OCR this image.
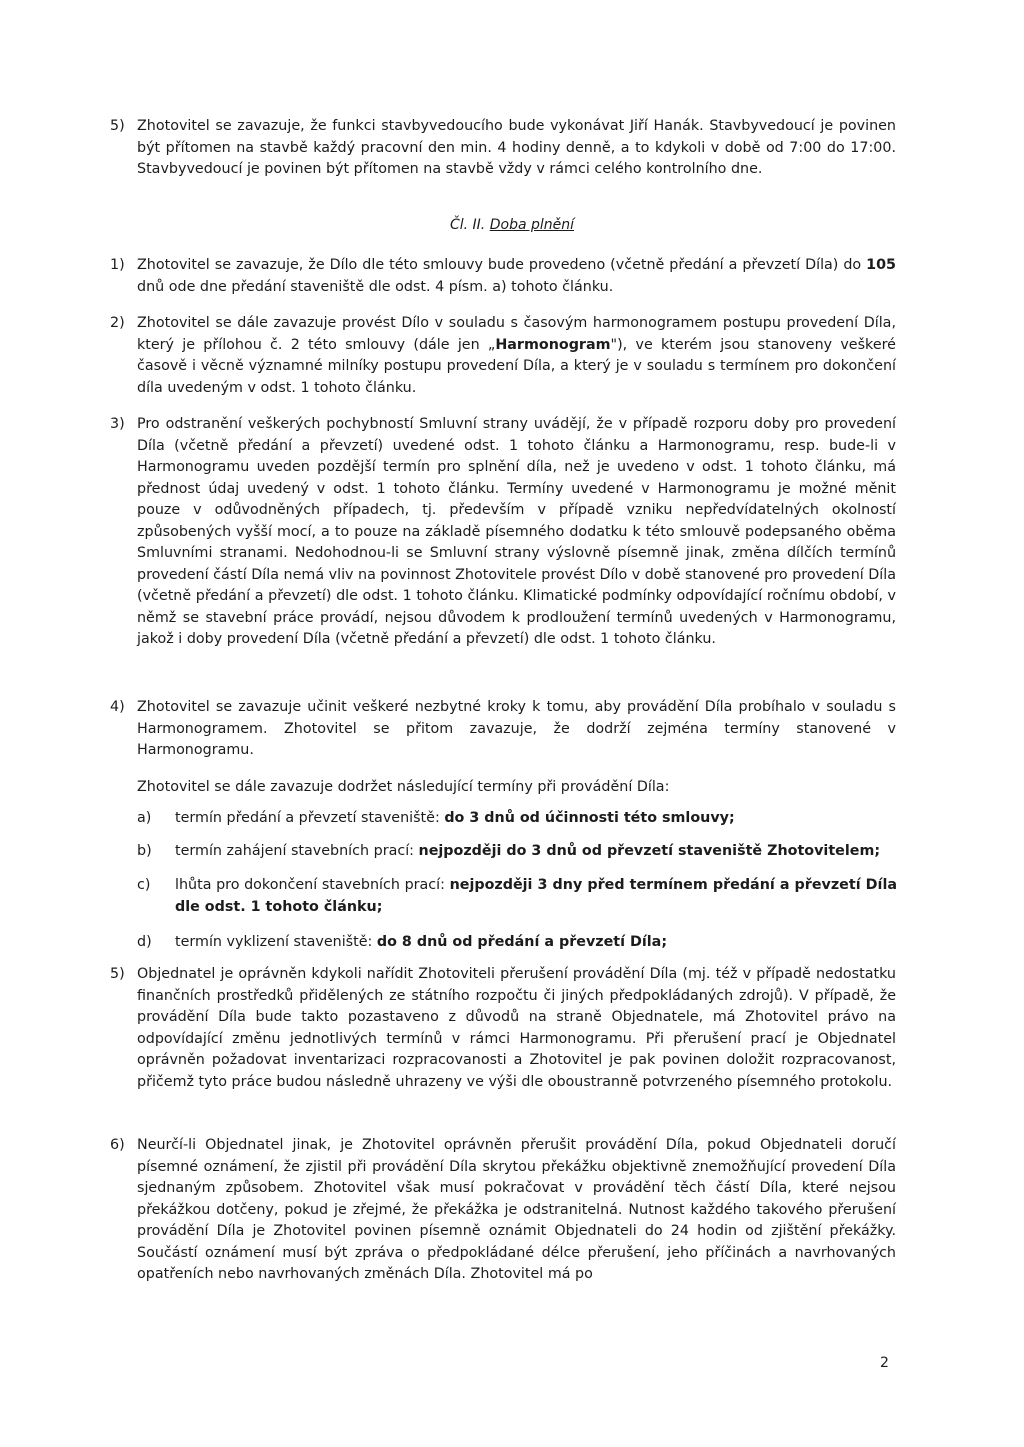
5) Zhotovitel se zavazuje, že funkci stavbyvedoucího bude vykonávat Jiří Hanák. Stavbyvedoucí je povinen být přítomen na stavbě každý pracovní den min. 4 hodiny denně, a to kdykoli v době od 7:00 do 17:00. Stavbyvedoucí je povinen být přítomen na stavbě vždy v rámci celého kontrolního dne.
Čl. II. Doba plnění
1) Zhotovitel se zavazuje, že Dílo dle této smlouvy bude provedeno (včetně předání a převzetí Díla) do 105 dnů ode dne předání staveniště dle odst. 4 písm. a) tohoto článku.
2) Zhotovitel se dále zavazuje provést Dílo v souladu s časovým harmonogramem postupu provedení Díla, který je přílohou č. 2 této smlouvy (dále jen „Harmonogram"), ve kterém jsou stanoveny veškeré časově i věcně významné milníky postupu provedení Díla, a který je v souladu s termínem pro dokončení díla uvedeným v odst. 1 tohoto článku.
3) Pro odstranění veškerých pochybností Smluvní strany uvádějí, že v případě rozporu doby pro provedení Díla (včetně předání a převzetí) uvedené odst. 1 tohoto článku a Harmonogramu, resp. bude-li v Harmonogramu uveden pozdější termín pro splnění díla, než je uvedeno v odst. 1 tohoto článku, má přednost údaj uvedený v odst. 1 tohoto článku. Termíny uvedené v Harmonogramu je možné měnit pouze v odůvodněných případech, tj. především v případě vzniku nepředvídatelných okolností způsobených vyšší mocí, a to pouze na základě písemného dodatku k této smlouvě podepsaného oběma Smluvními stranami. Nedohodnou-li se Smluvní strany výslovně písemně jinak, změna dílčích termínů provedení částí Díla nemá vliv na povinnost Zhotovitele provést Dílo v době stanovené pro provedení Díla (včetně předání a převzetí) dle odst. 1 tohoto článku. Klimatické podmínky odpovídající ročnímu období, v němž se stavební práce provádí, nejsou důvodem k prodloužení termínů uvedených v Harmonogramu, jakož i doby provedení Díla (včetně předání a převzetí) dle odst. 1 tohoto článku.
4) Zhotovitel se zavazuje učinit veškeré nezbytné kroky k tomu, aby provádění Díla probíhalo v souladu s Harmonogramem. Zhotovitel se přitom zavazuje, že dodrží zejména termíny stanovené v Harmonogramu.
Zhotovitel se dále zavazuje dodržet následující termíny při provádění Díla:
a)	termín předání a převzetí staveniště: do 3 dnů od účinnosti této smlouvy;
b)	termín zahájení stavebních prací: nejpozději do 3 dnů od převzetí staveniště Zhotovitelem;
c)	lhůta pro dokončení stavebních prací: nejpozději 3 dny před termínem předání a převzetí Díla dle odst. 1 tohoto článku;
d)	termín vyklizení staveniště: do 8 dnů od předání a převzetí Díla;
5) Objednatel je oprávněn kdykoli nařídit Zhotoviteli přerušení provádění Díla (mj. též v případě nedostatku finančních prostředků přidělených ze státního rozpočtu či jiných předpokládaných zdrojů). V případě, že provádění Díla bude takto pozastaveno z důvodů na straně Objednatele, má Zhotovitel právo na odpovídající změnu jednotlivých termínů v rámci Harmonogramu. Při přerušení prací je Objednatel oprávněn požadovat inventarizaci rozpracovanosti a Zhotovitel je pak povinen doložit rozpracovanost, přičemž tyto práce budou následně uhrazeny ve výši dle oboustranně potvrzeného písemného protokolu.
6) Neurčí-li Objednatel jinak, je Zhotovitel oprávněn přerušit provádění Díla, pokud Objednateli doručí písemné oznámení, že zjistil při provádění Díla skrytou překážku objektivně znemožňující provedení Díla sjednaným způsobem. Zhotovitel však musí pokračovat v provádění těch částí Díla, které nejsou překážkou dotčeny, pokud je zřejmé, že překážka je odstranitelná. Nutnost každého takového přerušení provádění Díla je Zhotovitel povinen písemně oznámit Objednateli do 24 hodin od zjištění překážky. Součástí oznámení musí být zpráva o předpokládané délce přerušení, jeho příčinách a navrhovaných opatřeních nebo navrhovaných změnách Díla. Zhotovitel má po
2
